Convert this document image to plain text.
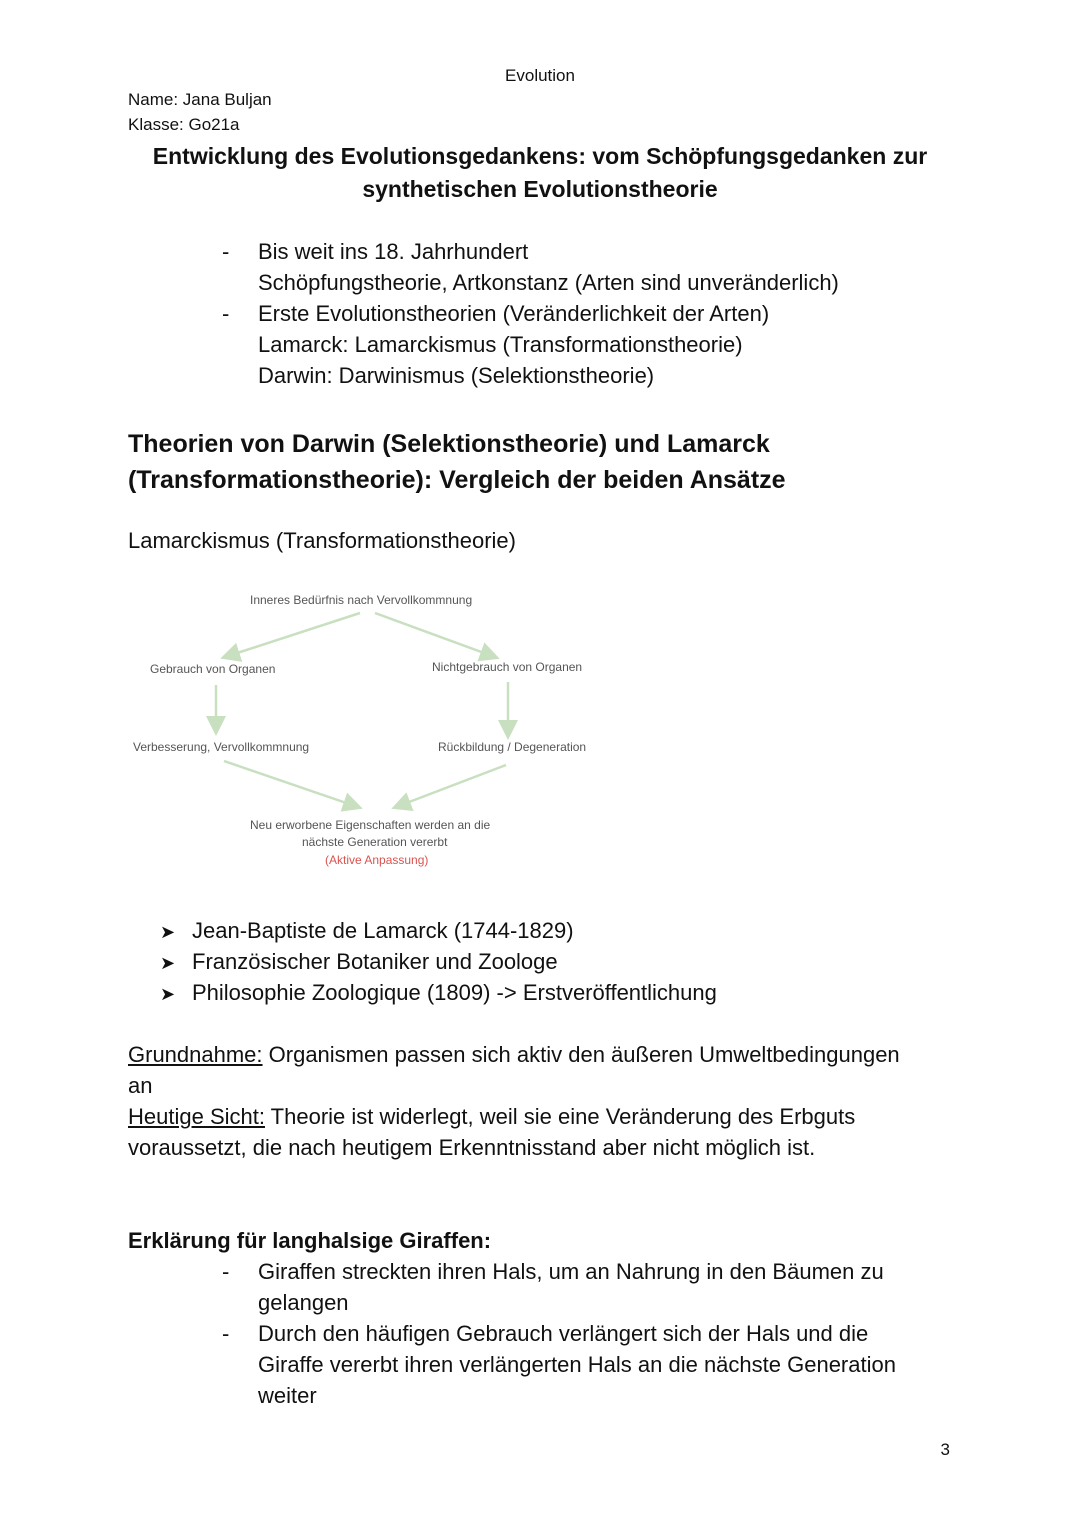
Evolution
Name: Jana Buljan
Klasse: Go21a
Entwicklung des Evolutionsgedankens: vom Schöpfungsgedanken zur
synthetischen Evolutionstheorie
-	Bis weit ins 18. Jahrhundert
Schöpfungstheorie, Artkonstanz (Arten sind unveränderlich)
-	Erste Evolutionstheorien (Veränderlichkeit der Arten)
Lamarck: Lamarckismus (Transformationstheorie)
Darwin: Darwinismus (Selektionstheorie)
Theorien von Darwin (Selektionstheorie) und Lamarck
(Transformationstheorie): Vergleich der beiden Ansätze
Lamarckismus (Transformationstheorie)
Inneres Bedürfnis nach Vervollkommnung
Gebrauch von Organen	Nichtgebrauch von Organen
Verbesserung, Vervollkommnung	Rückbildung / Degeneration
Neu erworbene Eigenschaften werden an die
nächste Generation vererbt
(Aktive Anpassung)
➤ Jean-Baptiste de Lamarck (1744-1829)
➤ Französischer Botaniker und Zoologe
➤ Philosophie Zoologique (1809) -> Erstveröffentlichung
Grundnahme: Organismen passen sich aktiv den äußeren Umweltbedingungen
an
Heutige Sicht: Theorie ist widerlegt, weil sie eine Veränderung des Erbguts
voraussetzt, die nach heutigem Erkenntnisstand aber nicht möglich ist.
Erklärung für langhalsige Giraffen:
-	Giraffen streckten ihren Hals, um an Nahrung in den Bäumen zu
gelangen
-	Durch den häufigen Gebrauch verlängert sich der Hals und die
Giraffe vererbt ihren verlängerten Hals an die nächste Generation
weiter
3
